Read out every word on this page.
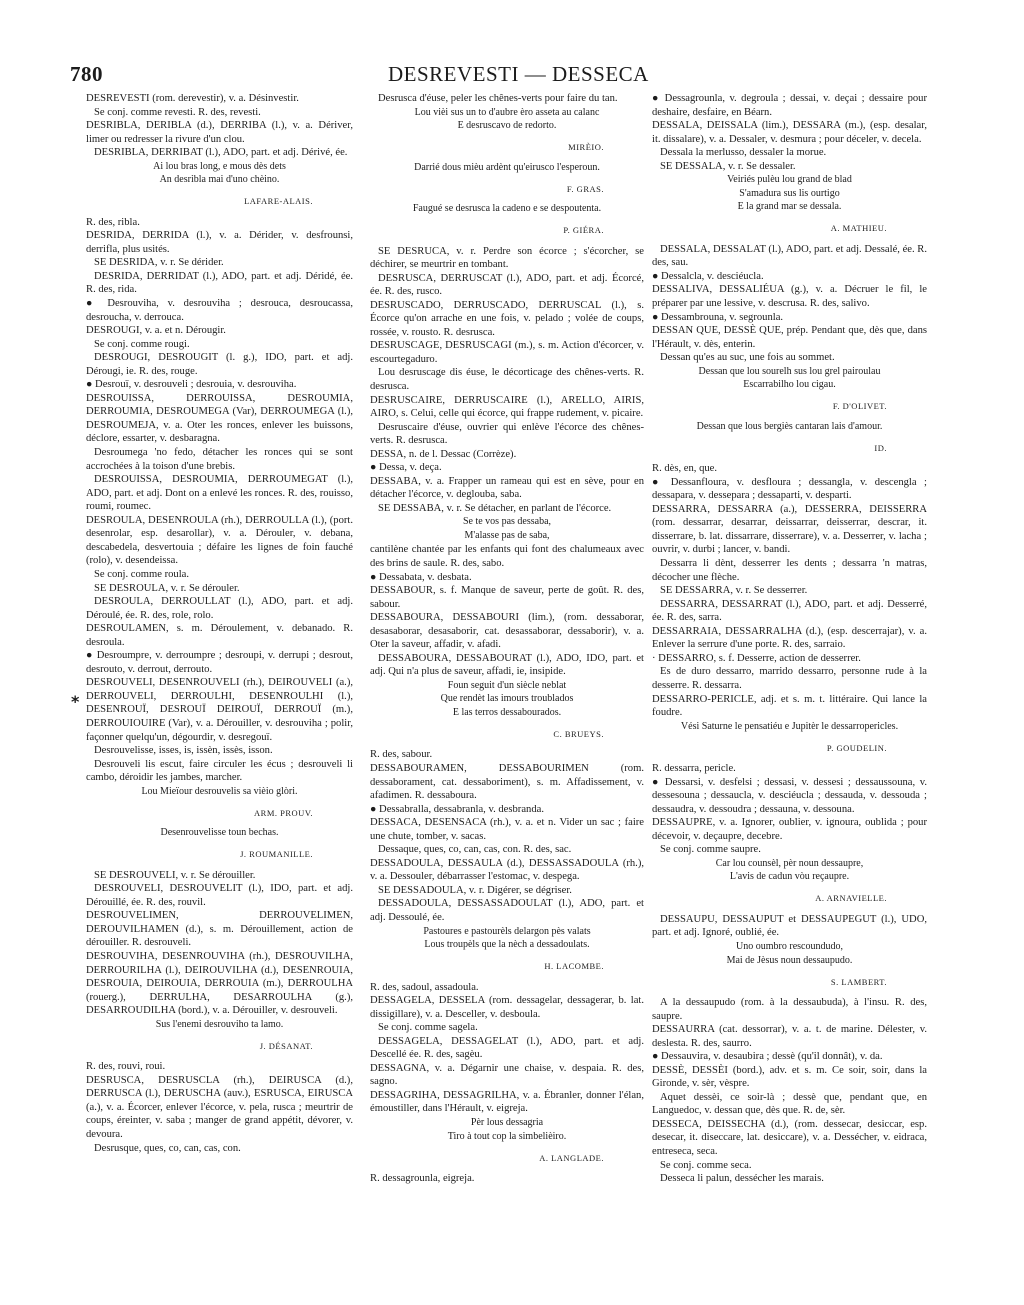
780	DESREVESTI — DESSECA
*

DESREVESTI (rom. derevestir), v. a. Désinvestir.

Se conj. comme revesti. R. des, revesti.

DESRIBLA, DERIBLA (d.), DERRIBA (l.), v. a. Dériver, limer ou redresser la rivure d'un clou.

DESRIBLA, DERRIBAT (l.), ADO, part. et adj. Dérivé, ée.

Ai lou bras long, e mous dès dets

An desribla mai d'uno chèino.

LAFARE-ALAIS.

R. des, ribla.

DESRIDA, DERRIDA (l.), v. a. Dérider, v. desfrounsi, derrifla, plus usités.

SE DESRIDA, v. r. Se dérider.

DESRIDA, DERRIDAT (l.), ADO, part. et adj. Déridé, ée. R. des, rida.

● Desrouviha, v. desrouviha ; desrouca, desroucassa, desroucha, v. derrouca.

DESROUGI, v. a. et n. Dérougir.

Se conj. comme rougi.

DESROUGI, DESROUGIT (l. g.), IDO, part. et adj. Dérougi, ie. R. des, rouge.

● Desrouï, v. desrouveli ; desrouia, v. desrouviha.

DESROUISSA, DERROUISSA, DESROUMIA, DERROUMIA, DESROUMEGA (Var), DERROUMEGA (l.), DESROUMEJA, v. a. Oter les ronces, enlever les buissons, déclore, essarter, v. desbaragna.

Desroumega 'no fedo, détacher les ronces qui se sont accrochées à la toison d'une brebis.

DESROUISSA, DESROUMIA, DERROUMEGAT (l.), ADO, part. et adj. Dont on a enlevé les ronces. R. des, rouisso, roumi, roumec.

DESROULA, DESENROULA (rh.), DERROULLA (l.), (port. desenrolar, esp. desarollar), v. a. Dérouler, v. debana, descabedela, desvertouia ; défaire les lignes de foin fauché (rolo), v. desendeissa.

Se conj. comme roula.

SE DESROULA, v. r. Se dérouler.

DESROULA, DERROULLAT (l.), ADO, part. et adj. Déroulé, ée. R. des, role, rolo.

DESROULAMEN, s. m. Déroulement, v. debanado. R. desroula.

● Desroumpre, v. derroumpre ; desroupi, v. derrupi ; desrout, desrouto, v. derrout, derrouto.

DESROUVELI, DESENROUVELI (rh.), DEIROUVELI (a.), DERROUVELI, DERROULHI, DESENROULHI (l.), DESENROUÏ, DESROUÏ DEIROUÏ, DERROUÏ (m.), DERROUIOUIRE (Var), v. a. Dérouiller, v. desrouviha ; polir, façonner quelqu'un, dégourdir, v. desregouï.

Desrouvelisse, isses, is, issèn, issès, isson.

Desrouveli lis escut, faire circuler les écus ; desrouveli li cambo, déroidir les jambes, marcher.

Lou Mieïour desrouvelis sa vièio glòri.

ARM. PROUV.

Desenrouvelisse toun bechas.

J. ROUMANILLE.

SE DESROUVELI, v. r. Se dérouiller.

DESROUVELI, DESROUVELIT (l.), IDO, part. et adj. Dérouillé, ée. R. des, rouvil.

DESROUVELIMEN, DERROUVELIMEN, DEROUVILHAMEN (d.), s. m. Dérouillement, action de dérouiller. R. desrouveli.

DESROUVIHA, DESENROUVIHA (rh.), DESROUVILHA, DERROURILHA (l.), DEIROUVILHA (d.), DESENROUIA, DESROUIA, DEIROUIA, DERROUIA (m.), DERROULHA (rouerg.), DERRULHA, DESARROULHA (g.), DESARROUDILHA (bord.), v. a. Dérouiller, v. desrouveli.

Sus l'enemi desrouviho ta lamo.

J. DÉSANAT.

R. des, rouvi, roui.

DESRUSCA, DESRUSCLA (rh.), DEIRUSCA (d.), DERRUSCA (l.), DERUSCHA (auv.), ESRUSCA, EIRUSCA (a.), v. a. Écorcer, enlever l'écorce, v. pela, rusca ; meurtrir de coups, éreinter, v. saba ; manger de grand appétit, dévorer, v. devoura.

Desrusque, ques, co, can, cas, con.

Desrusca d'éuse, peler les chênes-verts pour faire du tan.

Lou vièi sus un to d'aubre èro asseta au calanc

E desruscavo de redorto.

MIRÈIO.

Darrié dous mièu ardènt qu'eirusco l'esperoun.

F. GRAS.

Faugué se desrusca la cadeno e se despoutenta.

P. GIÉRA.

SE DESRUCA, v. r. Perdre son écorce ; s'écorcher, se déchirer, se meurtrir en tombant.

DESRUSCA, DERRUSCAT (l.), ADO, part. et adj. Écorcé, ée. R. des, rusco.

DESRUSCADO, DERRUSCADO, DERRUSCAL (l.), s. Écorce qu'on arrache en une fois, v. pelado ; volée de coups, rossée, v. rousto. R. desrusca.

DESRUSCAGE, DESRUSCAGI (m.), s. m. Action d'écorcer, v. escourtegaduro.

Lou desruscage dis éuse, le décorticage des chênes-verts. R. desrusca.

DESRUSCAIRE, DERRUSCAIRE (l.), ARELLO, AIRIS, AIRO, s. Celui, celle qui écorce, qui frappe rudement, v. picaire.

Desruscaire d'éuse, ouvrier qui enlève l'écorce des chênes-verts. R. desrusca.

DESSA, n. de l. Dessac (Corrèze).

● Dessa, v. deça.

DESSABA, v. a. Frapper un rameau qui est en sève, pour en détacher l'écorce, v. deglouba, saba.

SE DESSABA, v. r. Se détacher, en parlant de l'écorce.

Se te vos pas dessaba,

M'alasse pas de saba,

cantilène chantée par les enfants qui font des chalumeaux avec des brins de saule. R. des, sabo.

● Dessabata, v. desbata.

DESSABOUR, s. f. Manque de saveur, perte de goût. R. des, sabour.

DESSABOURA, DESSABOURI (lim.), (rom. dessaborar, desasaborar, desasaborir, cat. desassaborar, dessaborir), v. a. Oter la saveur, affadir, v. afadi.

DESSABOURA, DESSABOURAT (l.), ADO, IDO, part. et adj. Qui n'a plus de saveur, affadi, ie, insipide.

Foun seguit d'un siècle neblat

Que rendèt las imours troublados

E las terros dessabourados.

C. BRUEYS.

R. des, sabour.

DESSABOURAMEN, DESSABOURIMEN (rom. dessaborament, cat. dessaboriment), s. m. Affadissement, v. afadimen. R. dessaboura.

● Dessabralla, dessabranla, v. desbranda.

DESSACA, DESENSACA (rh.), v. a. et n. Vider un sac ; faire une chute, tomber, v. sacas.

Dessaque, ques, co, can, cas, con. R. des, sac.

DESSADOULA, DESSAULA (d.), DESSASSADOULA (rh.), v. a. Dessouler, débarrasser l'estomac, v. despega.

SE DESSADOULA, v. r. Digérer, se dégriser.

DESSADOULA, DESSASSADOULAT (l.), ADO, part. et adj. Dessoulé, ée.

Pastoures e pastourèls delargon pès valats

Lous troupèls que la nèch a dessadoulats.

H. LACOMBE.

R. des, sadoul, assadoula.

DESSAGELA, DESSELA (rom. dessagelar, dessagerar, b. lat. dissigillare), v. a. Desceller, v. desboula.

Se conj. comme sagela.

DESSAGELA, DESSAGELAT (l.), ADO, part. et adj. Descellé ée. R. des, sagèu.

DESSAGNA, v. a. Dégarnir une chaise, v. despaia. R. des, sagno.

DESSAGRIHA, DESSAGRILHA, v. a. Ébranler, donner l'élan, émoustiller, dans l'Hérault, v. eigrejа.

Pèr lous dessagria

Tiro à tout cop la simbelièiro.

A. LANGLADE.

R. dessagrounla, eigreja.

● Dessagrounla, v. degroula ; dessai, v. deçai ; dessaire pour deshaire, desfaire, en Béarn.

DESSALA, DEISSALA (lim.), DESSARA (m.), (esp. desalar, it. dissalare), v. a. Dessaler, v. desmura ; pour déceler, v. decela.

Dessala la merlusso, dessaler la morue.

SE DESSALA, v. r. Se dessaler.

Veiriés pulèu lou grand de blad

S'amadura sus lis ourtigo

E la grand mar se dessala.

A. MATHIEU.

DESSALA, DESSALAT (l.), ADO, part. et adj. Dessalé, ée. R. des, sau.

● Dessalcla, v. desciéucla.

DESSALIVA, DESSALIÉUA (g.), v. a. Décruer le fil, le préparer par une lessive, v. descrusa. R. des, salivo.

● Dessambrouna, v. segrounla.

DESSAN QUE, DESSÈ QUE, prép. Pendant que, dès que, dans l'Hérault, v. dès, enterin.

Dessan qu'es au suc, une fois au sommet.

Dessan que lou sourelh sus lou grel pairoulau

Escarrabilho lou cigau.

F. D'OLIVET.

Dessan que lous bergiès cantaran lais d'amour.

ID.

R. dès, en, que.

● Dessanfloura, v. desfloura ; dessangla, v. descengla ; dessapara, v. dessepara ; dessaparti, v. desparti.

DESSARRA, DESSARRA (a.), DESSERRA, DEISSERRA (rom. dessarrar, desarrar, deissarrar, deisserrar, descrar, it. disserrare, b. lat. dissarrare, disserrare), v. a. Desserrer, v. lacha ; ouvrir, v. durbi ; lancer, v. bandi.

Dessarra li dènt, desserrer les dents ; dessarra 'n matras, décocher une flèche.

SE DESSARRA, v. r. Se desserrer.

DESSARRA, DESSARRAT (l.), ADO, part. et adj. Desserré, ée. R. des, sarra.

DESSARRAIA, DESSARRALHA (d.), (esp. descerrajar), v. a. Enlever la serrure d'une porte. R. des, sarraio.

· DESSARRO, s. f. Desserre, action de desserrer.

Es de duro dessarro, marrido dessarro, personne rude à la desserre. R. dessarra.

DESSARRO-PERICLE, adj. et s. m. t. littéraire. Qui lance la foudre.

Vési Saturne le pensatiéu e Jupitèr le dessarropericles.

P. GOUDELIN.

R. dessarra, pericle.

● Dessarsi, v. desfelsi ; dessasi, v. dessesi ; dessaussouna, v. dessesouna ; dessaucla, v. desciéucla ; dessauda, v. dessouda ; dessaudra, v. dessoudra ; dessauna, v. dessouna.

DESSAUPRE, v. a. Ignorer, oublier, v. ignoura, oublida ; pour décevoir, v. deçaupre, decebre.

Se conj. comme saupre.

Car lou counsèl, pèr noun dessaupre,

L'avis de cadun vòu reçaupre.

A. ARNAVIELLE.

DESSAUPU, DESSAUPUT et DESSAUPEGUT (l.), UDO, part. et adj. Ignoré, oublié, ée.

Uno oumbro rescoundudo,

Mai de Jèsus noun dessaupudo.

S. LAMBERT.

A la dessaupudo (rom. à la dessaubuda), à l'insu. R. des, saupre.

DESSAURRA (cat. dessorrar), v. a. t. de marine. Délester, v. deslesta. R. des, saurro.

● Dessauvira, v. desaubira ; dessè (qu'il donnât), v. da.

DESSÈ, DESSÈI (bord.), adv. et s. m. Ce soir, soir, dans la Gironde, v. sèr, vèspre.

Aquet dessèi, ce soir-là ; dessè que, pendant que, en Languedoc, v. dessan que, dès que. R. de, sèr.

DESSECA, DEISSECHA (d.), (rom. dessecar, desiccar, esp. desecar, it. diseccare, lat. desiccare), v. a. Dessécher, v. eidraca, entreseca, seca.

Se conj. comme seca.

Desseca li palun, dessécher les marais.
